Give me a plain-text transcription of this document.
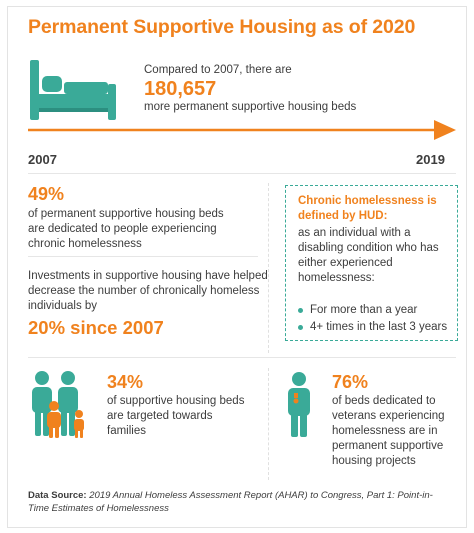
Permanent Supportive Housing as of 2020
Compared to 2007, there are
180,657
more permanent supportive housing beds
2007	2019
49%
of permanent supportive housing beds are dedicated to people experiencing chronic homelessness
Investments in supportive housing have helped decrease the number of chronically homeless individuals by
20% since 2007
Chronic homelessness is defined by HUD:
as an individual with a disabling condition who has either experienced homelessness:
For more than a year
4+ times in the last 3 years
34%
of supportive housing beds are targeted towards families
76%
of beds dedicated to veterans experiencing homelessness are in permanent supportive housing projects
Data Source: 2019 Annual Homeless Assessment Report (AHAR) to Congress, Part 1: Point-in-Time Estimates of Homelessness
